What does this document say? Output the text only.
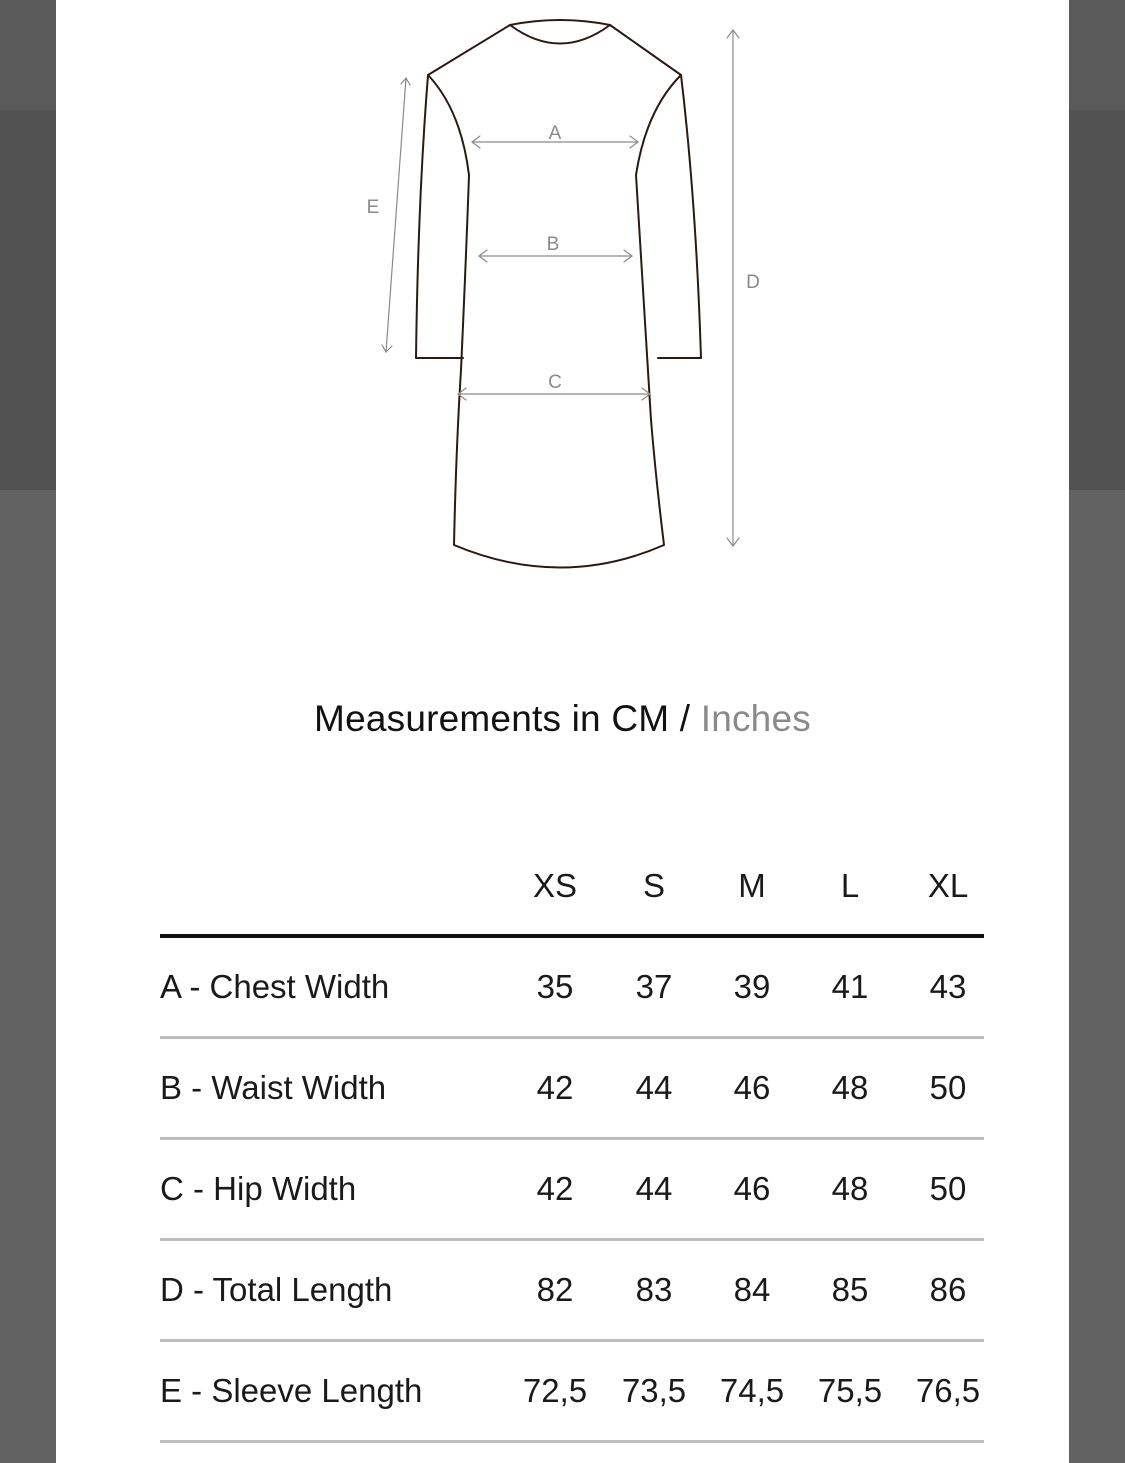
A
B
C
D
E
Measurements in CM / Inches
XS	S	M	L	XL
A - Chest Width	35	37	39	41	43
B - Waist Width	42	44	46	48	50
C - Hip Width	42	44	46	48	50
D - Total Length	82	83	84	85	86
E - Sleeve Length	72,5	73,5	74,5	75,5	76,5
